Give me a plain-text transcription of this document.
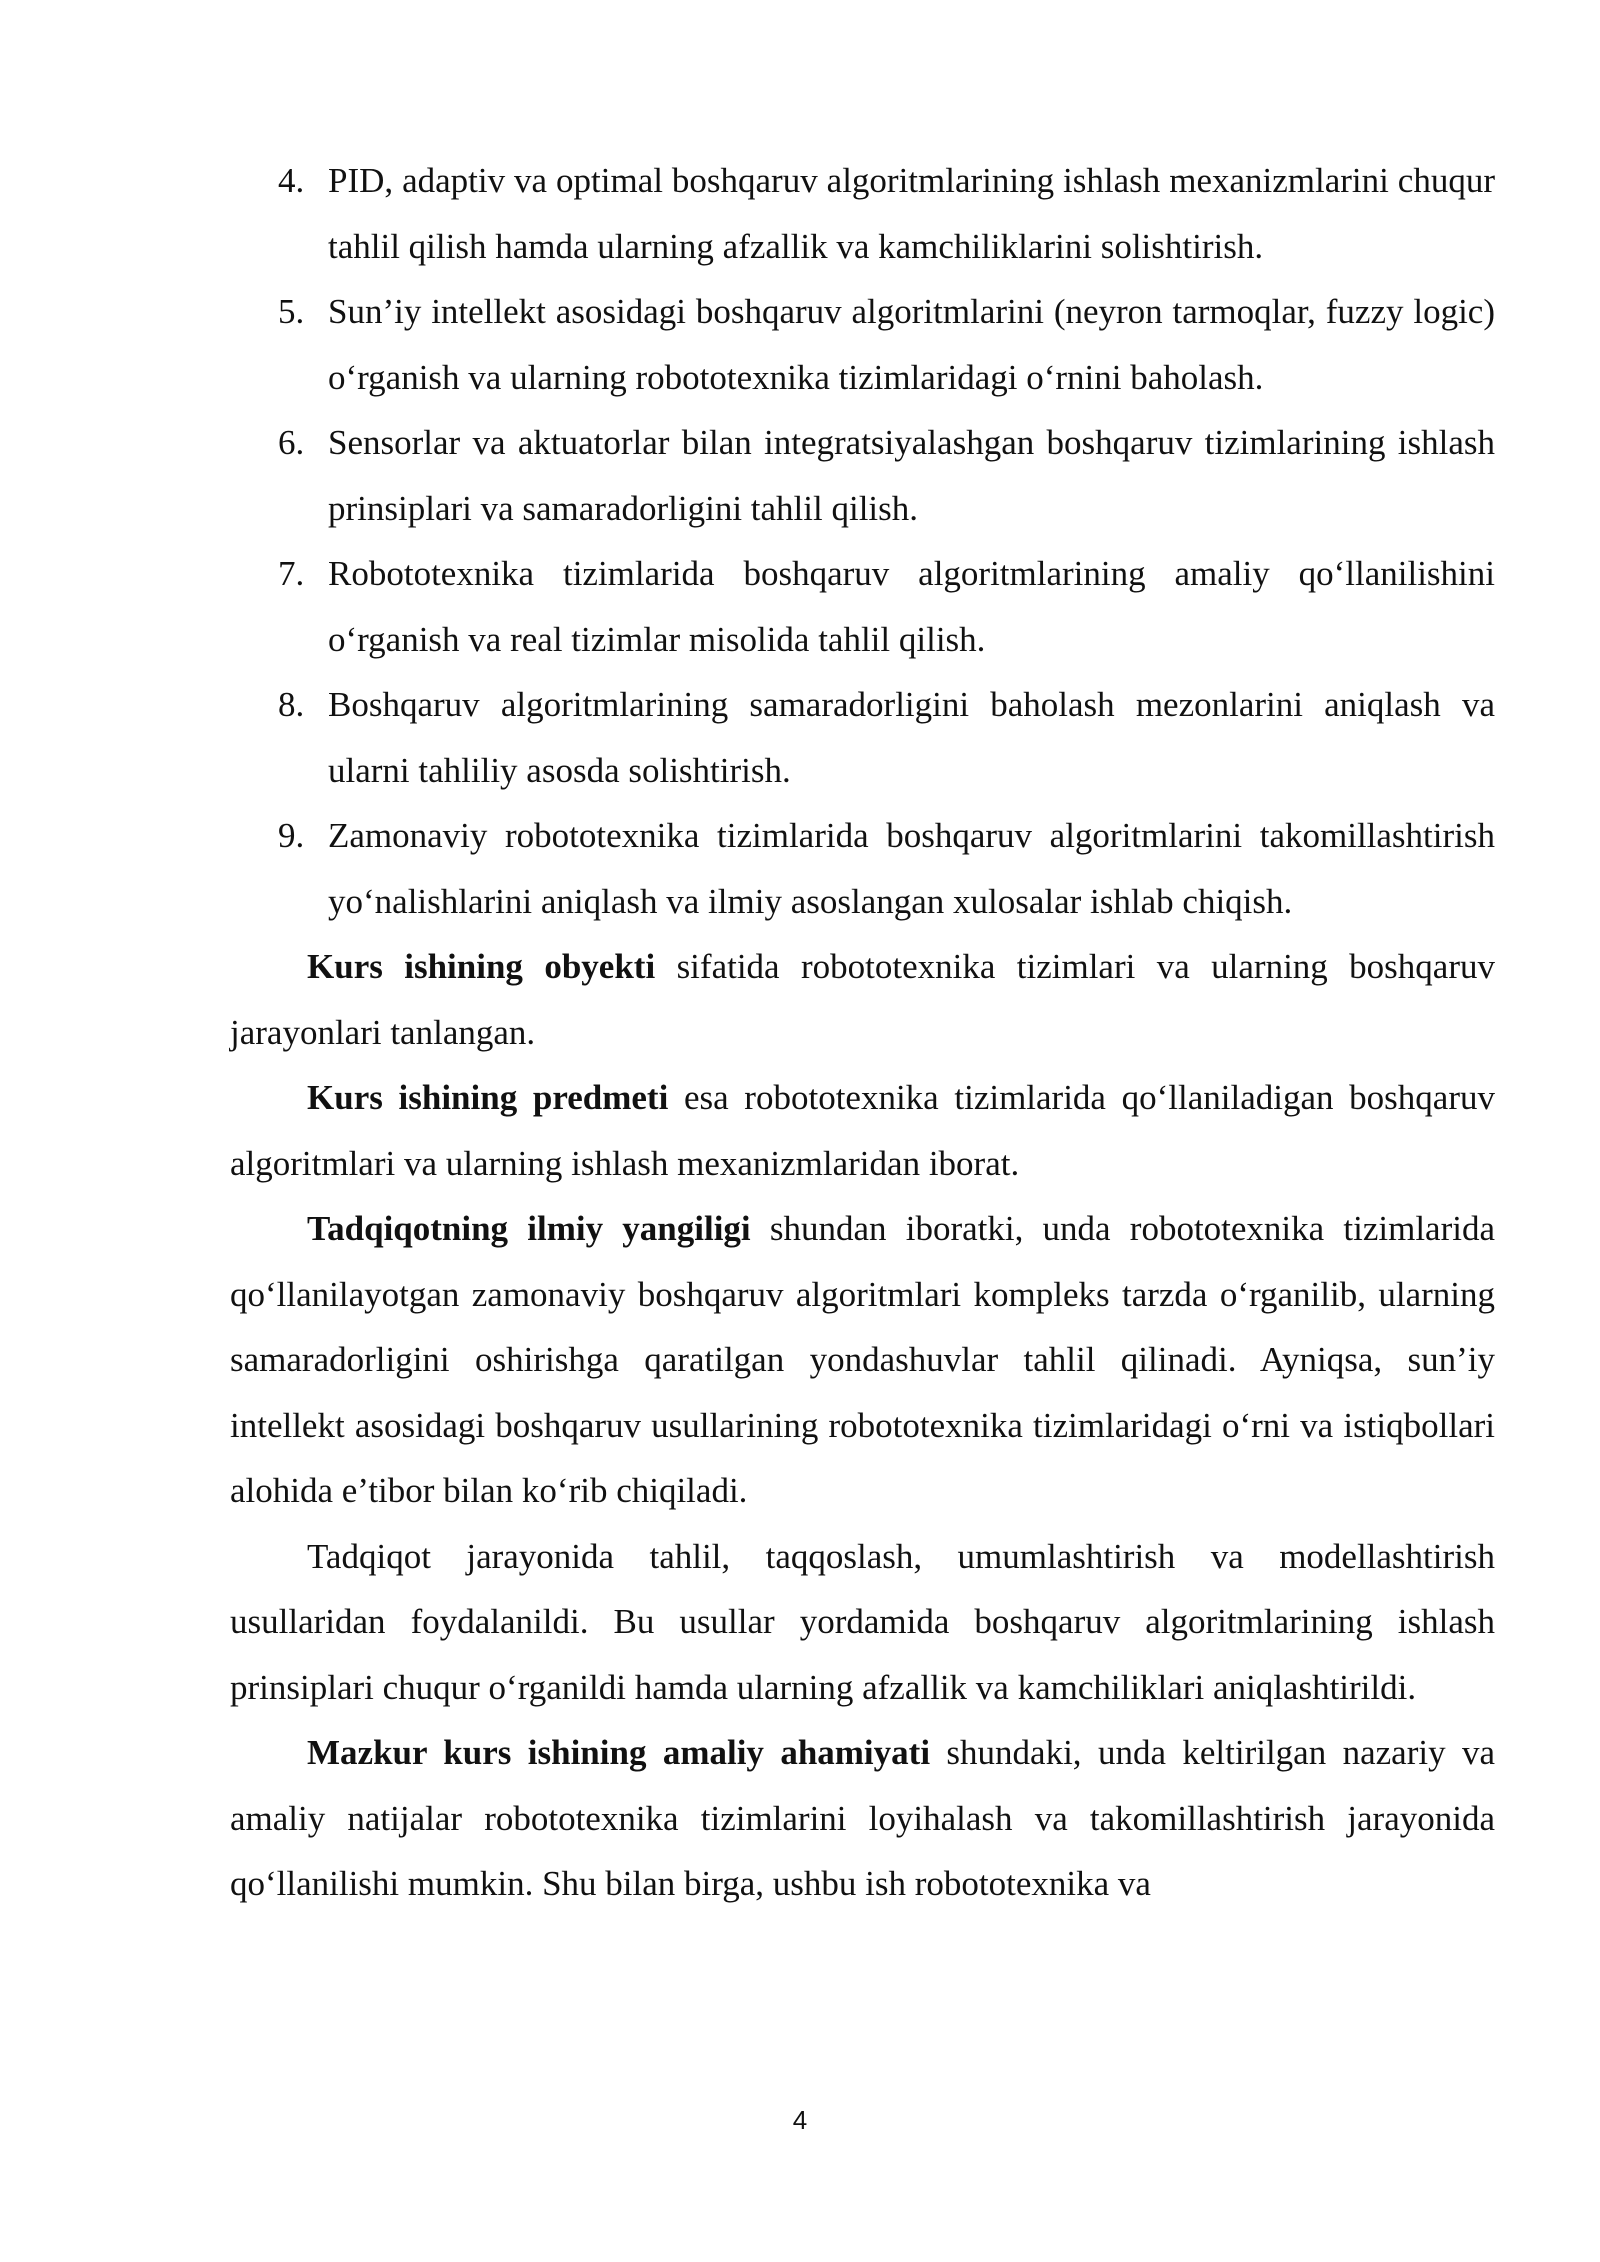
4. PID, adaptiv va optimal boshqaruv algoritmlarining ishlash mexanizmlarini chuqur tahlil qilish hamda ularning afzallik va kamchiliklarini solishtirish.
5. Sun’iy intellekt asosidagi boshqaruv algoritmlarini (neyron tarmoqlar, fuzzy logic) o‘rganish va ularning robototexnika tizimlaridagi o‘rnini baholash.
6. Sensorlar va aktuatorlar bilan integratsiyalashgan boshqaruv tizimlarining ishlash prinsiplari va samaradorligini tahlil qilish.
7. Robototexnika tizimlarida boshqaruv algoritmlarining amaliy qo‘llanilishini o‘rganish va real tizimlar misolida tahlil qilish.
8. Boshqaruv algoritmlarining samaradorligini baholash mezonlarini aniqlash va ularni tahliliy asosda solishtirish.
9. Zamonaviy robototexnika tizimlarida boshqaruv algoritmlarini takomillashtirish yo‘nalishlarini aniqlash va ilmiy asoslangan xulosalar ishlab chiqish.

Kurs ishining obyekti sifatida robototexnika tizimlari va ularning boshqaruv jarayonlari tanlangan.

Kurs ishining predmeti esa robototexnika tizimlarida qo‘llaniladigan boshqaruv algoritmlari va ularning ishlash mexanizmlaridan iborat.

Tadqiqotning ilmiy yangiligi shundan iboratki, unda robototexnika tizimlarida qo‘llanilayotgan zamonaviy boshqaruv algoritmlari kompleks tarzda o‘rganilib, ularning samaradorligini oshirishga qaratilgan yondashuvlar tahlil qilinadi. Ayniqsa, sun’iy intellekt asosidagi boshqaruv usullarining robototexnika tizimlaridagi o‘rni va istiqbollari alohida e’tibor bilan ko‘rib chiqiladi.

Tadqiqot jarayonida tahlil, taqqoslash, umumlashtirish va modellashtirish usullaridan foydalanildi. Bu usullar yordamida boshqaruv algoritmlarining ishlash prinsiplari chuqur o‘rganildi hamda ularning afzallik va kamchiliklari aniqlashtirildi.

Mazkur kurs ishining amaliy ahamiyati shundaki, unda keltirilgan nazariy va amaliy natijalar robototexnika tizimlarini loyihalash va takomillashtirish jarayonida qo‘llanilishi mumkin. Shu bilan birga, ushbu ish robototexnika va

4
